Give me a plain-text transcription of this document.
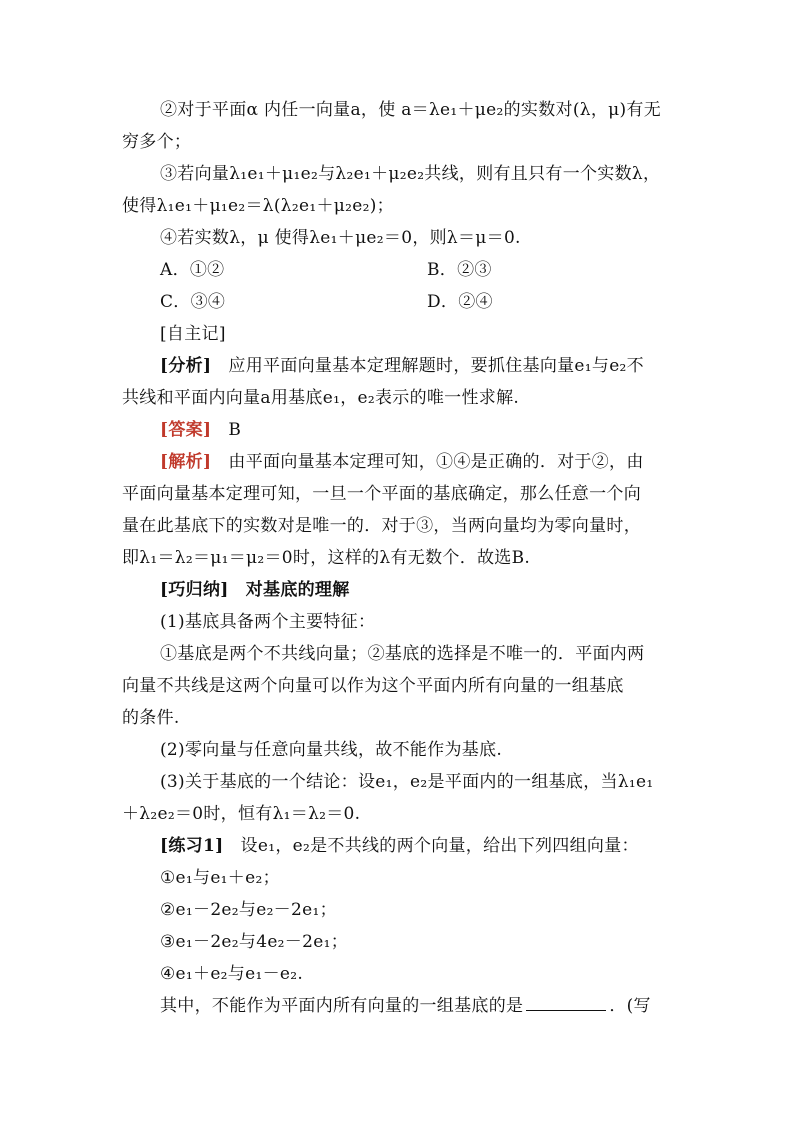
②对于平面α 内任一向量a，使 a＝λe₁＋μe₂的实数对(λ，μ)有无
穷多个；
③若向量λ₁e₁＋μ₁e₂与λ₂e₁＋μ₂e₂共线，则有且只有一个实数λ，
使得λ₁e₁＋μ₁e₂＝λ(λ₂e₁＋μ₂e₂)；
④若实数λ，μ 使得λe₁＋μe₂＝0，则λ＝μ＝0.
A．①②	B．②③
C．③④	D．②④
[自主记]
[分析] 应用平面向量基本定理解题时，要抓住基向量e₁与e₂不
共线和平面内向量a用基底e₁，e₂表示的唯一性求解.
[答案] B
[解析] 由平面向量基本定理可知，①④是正确的．对于②，由
平面向量基本定理可知，一旦一个平面的基底确定，那么任意一个向
量在此基底下的实数对是唯一的．对于③，当两向量均为零向量时，
即λ₁＝λ₂＝μ₁＝μ₂＝0时，这样的λ有无数个．故选B.
[巧归纳] 对基底的理解
(1)基底具备两个主要特征：
①基底是两个不共线向量；②基底的选择是不唯一的．平面内两
向量不共线是这两个向量可以作为这个平面内所有向量的一组基底
的条件.
(2)零向量与任意向量共线，故不能作为基底.
(3)关于基底的一个结论：设e₁，e₂是平面内的一组基底，当λ₁e₁
＋λ₂e₂＝0时，恒有λ₁＝λ₂＝0.
[练习1] 设e₁，e₂是不共线的两个向量，给出下列四组向量：
①e₁与e₁＋e₂；
②e₁－2e₂与e₂－2e₁；
③e₁－2e₂与4e₂－2e₁；
④e₁＋e₂与e₁－e₂.
其中，不能作为平面内所有向量的一组基底的是	．(写
